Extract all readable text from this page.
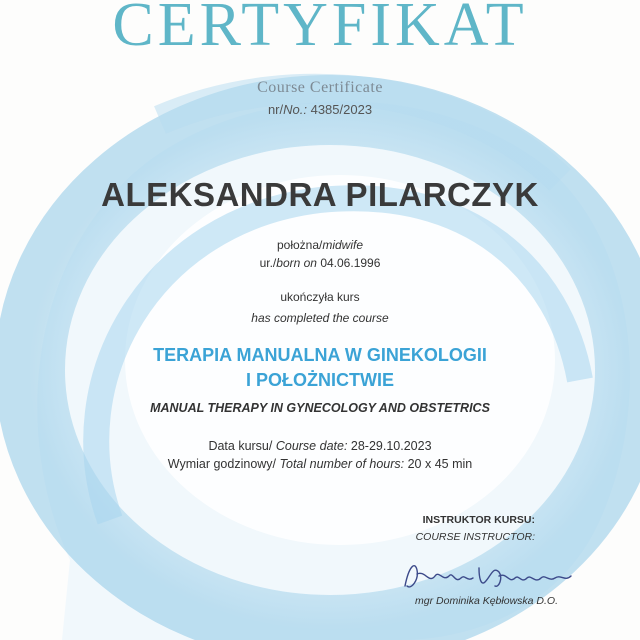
CERTYFIKAT
Course Certificate
nr/No.: 4385/2023
ALEKSANDRA PILARCZYK
położna/midwife
ur./born on 04.06.1996
ukończyła kurs
has completed the course
TERAPIA MANUALNA W GINEKOLOGII
I POŁOŻNICTWIE
MANUAL THERAPY IN GYNECOLOGY AND OBSTETRICS
Data kursu/ Course date: 28-29.10.2023
Wymiar godzinowy/ Total number of hours: 20 x 45 min
INSTRUKTOR KURSU:
COURSE INSTRUCTOR:
mgr Dominika Kębłowska D.O.
